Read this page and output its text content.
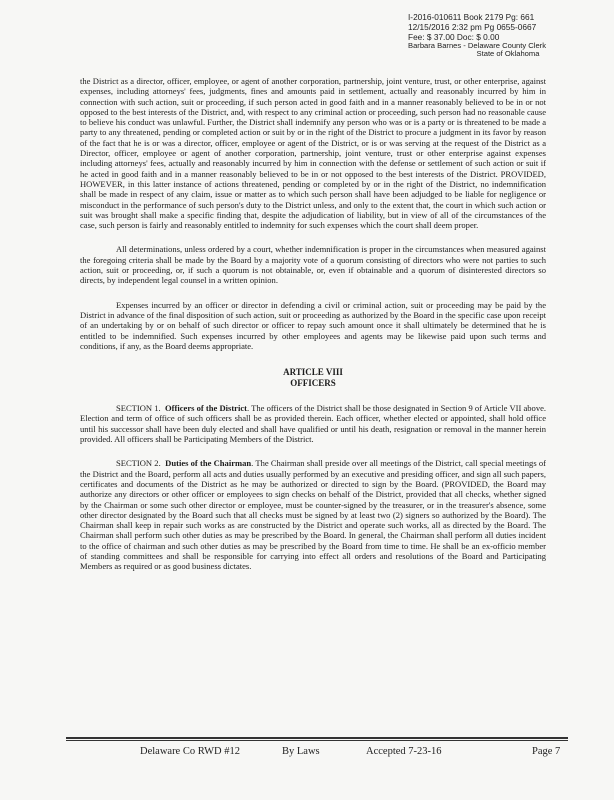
I-2016-010611 Book 2179 Pg: 661
12/15/2016 2:32 pm Pg 0655-0667
Fee: $ 37.00 Doc: $ 0.00
Barbara Barnes - Delaware County Clerk
State of Oklahoma

the District as a director, officer, employee, or agent of another corporation, partnership, joint venture, trust, or other enterprise, against expenses, including attorneys' fees, judgments, fines and amounts paid in settlement, actually and reasonably incurred by him in connection with such action, suit or proceeding, if such person acted in good faith and in a manner reasonably believed to be in or not opposed to the best interests of the District, and, with respect to any criminal action or proceeding, such person had no reasonable cause to believe his conduct was unlawful. Further, the District shall indemnify any person who was or is a party or is threatened to be made a party to any threatened, pending or completed action or suit by or in the right of the District to procure a judgment in its favor by reason of the fact that he is or was a director, officer, employee or agent of the District, or is or was serving at the request of the District as a Director, officer, employee or agent of another corporation, partnership, joint venture, trust or other enterprise against expenses including attorneys' fees, actually and reasonably incurred by him in connection with the defense or settlement of such action or suit if he acted in good faith and in a manner reasonably believed to be in or not opposed to the best interests of the District. PROVIDED, HOWEVER, in this latter instance of actions threatened, pending or completed by or in the right of the District, no indemnification shall be made in respect of any claim, issue or matter as to which such person shall have been adjudged to be liable for negligence or misconduct in the performance of such person's duty to the District unless, and only to the extent that, the court in which such action or suit was brought shall make a specific finding that, despite the adjudication of liability, but in view of all of the circumstances of the case, such person is fairly and reasonably entitled to indemnity for such expenses which the court shall deem proper.

All determinations, unless ordered by a court, whether indemnification is proper in the circumstances when measured against the foregoing criteria shall be made by the Board by a majority vote of a quorum consisting of directors who were not parties to such action, suit or proceeding, or, if such a quorum is not obtainable, or, even if obtainable and a quorum of disinterested directors so directs, by independent legal counsel in a written opinion.

Expenses incurred by an officer or director in defending a civil or criminal action, suit or proceeding may be paid by the District in advance of the final disposition of such action, suit or proceeding as authorized by the Board in the specific case upon receipt of an undertaking by or on behalf of such director or officer to repay such amount once it shall ultimately be determined that he is entitled to be indemnified. Such expenses incurred by other employees and agents may be likewise paid upon such terms and conditions, if any, as the Board deems appropriate.

ARTICLE VIII
OFFICERS

SECTION 1. Officers of the District. The officers of the District shall be those designated in Section 9 of Article VII above. Election and term of office of such officers shall be as provided therein. Each officer, whether elected or appointed, shall hold office until his successor shall have been duly elected and shall have qualified or until his death, resignation or removal in the manner herein provided. All officers shall be Participating Members of the District.

SECTION 2. Duties of the Chairman. The Chairman shall preside over all meetings of the District, call special meetings of the District and the Board, perform all acts and duties usually performed by an executive and presiding officer, and sign all such papers, certificates and documents of the District as he may be authorized or directed to sign by the Board. (PROVIDED, the Board may authorize any directors or other officer or employees to sign checks on behalf of the District, provided that all checks, whether signed by the Chairman or some such other director or employee, must be counter-signed by the treasurer, or in the treasurer's absence, some other director designated by the Board such that all checks must be signed by at least two (2) signers so authorized by the Board). The Chairman shall keep in repair such works as are constructed by the District and operate such works, all as directed by the Board. The Chairman shall perform such other duties as may be prescribed by the Board. In general, the Chairman shall perform all duties incident to the office of chairman and such other duties as may be prescribed by the Board from time to time. He shall be an ex-officio member of standing committees and shall be responsible for carrying into effect all orders and resolutions of the Board and Participating Members as required or as good business dictates.

Delaware Co RWD #12	By Laws	Accepted 7-23-16	Page 7
